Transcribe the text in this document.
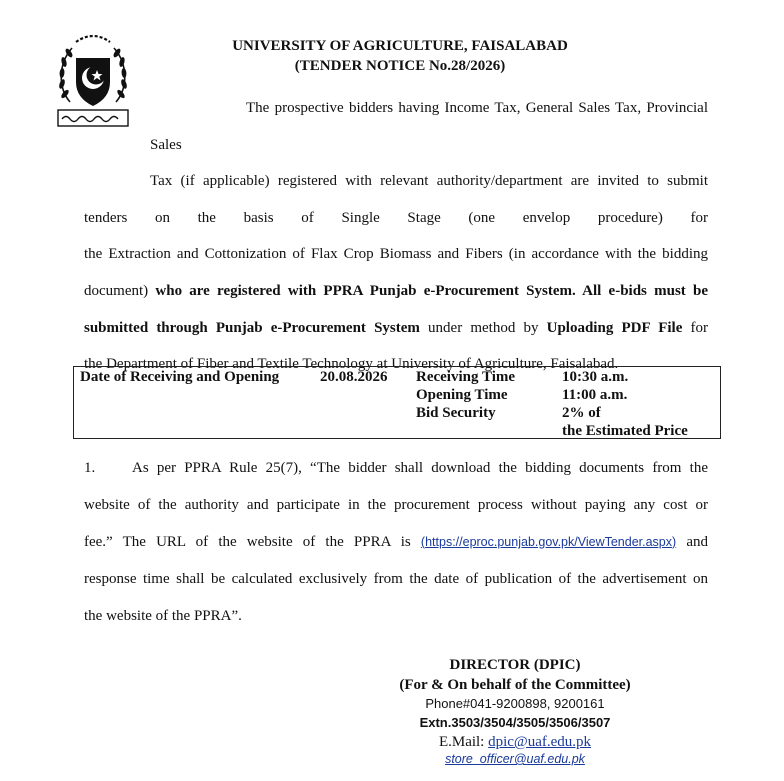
UNIVERSITY OF AGRICULTURE, FAISALABAD
(TENDER NOTICE No.28/2026)
The prospective bidders having Income Tax, General Sales Tax, Provincial Sales
Tax (if applicable) registered with relevant authority/department are invited to submit
tenders on the basis of Single Stage (one envelop procedure) for
the Extraction and Cottonization of Flax Crop Biomass and Fibers (in accordance with the bidding
document) who are registered with PPRA Punjab e-Procurement System. All e-bids must be
submitted through Punjab e-Procurement System under method by Uploading PDF File for
the Department of Fiber and Textile Technology at University of Agriculture, Faisalabad.
Date of Receiving and Opening	20.08.2026 Receiving Time
Opening Time
Bid Security
10:30 a.m.
11:00 a.m.
2% of
the Estimated Price
1. As per PPRA Rule 25(7), “The bidder shall download the bidding documents from the
website of the authority and participate in the procurement process without paying any cost or
fee.” The URL of the website of the PPRA is (https://eproc.punjab.gov.pk/ViewTender.aspx) and
response time shall be calculated exclusively from the date of publication of the advertisement on
the website of the PPRA”.
DIRECTOR (DPIC)
(For & On behalf of the Committee)
Phone#041-9200898, 9200161
Extn.3503/3504/3505/3506/3507
E.Mail: dpic@uaf.edu.pk
store_officer@uaf.edu.pk
